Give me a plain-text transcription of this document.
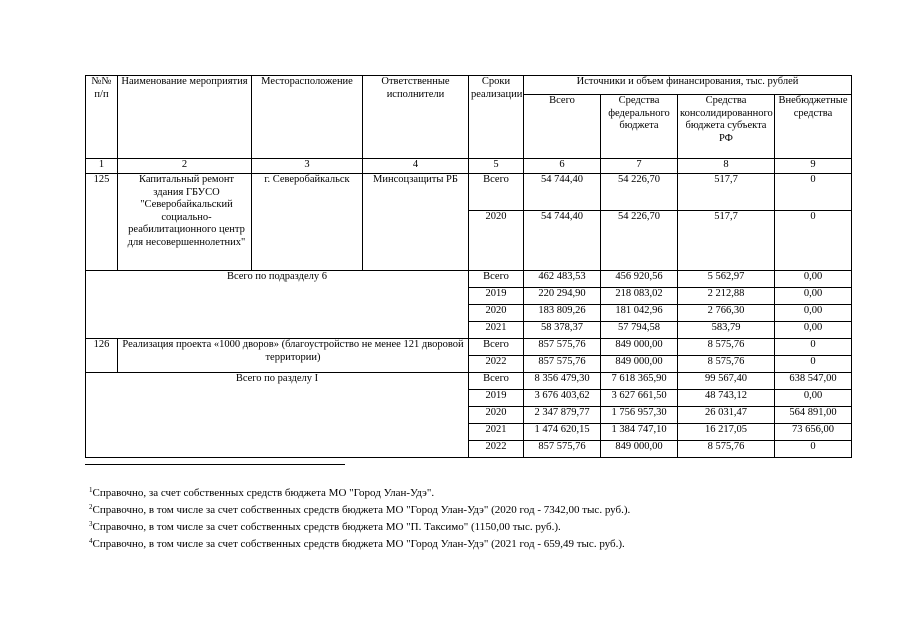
№№ п/п	Наименование мероприятия	Месторасположение	Ответственные исполнители	Сроки реализации	Источники и объем финансирования, тыс. рублей			
					Всего	Средства федерального бюджета	Средства консолидированного бюджета субъекта РФ	Внебюджетные средства
1	2	3	4	5	6	7	8	9
125	Капитальный ремонт здания ГБУСО "Северобайкальский социально-реабилитационного центр для несовершеннолетних"	г. Северобайкальск	Минсоцзащиты РБ	Всего	54 744,40	54 226,70	517,7	0
				2020	54 744,40	54 226,70	517,7	0
Всего по подразделу 6				Всего	462 483,53	456 920,56	5 562,97	0,00
				2019	220 294,90	218 083,02	2 212,88	0,00
				2020	183 809,26	181 042,96	2 766,30	0,00
				2021	58 378,37	57 794,58	583,79	0,00
126	Реализация проекта «1000 дворов» (благоустройство не менее 121 дворовой территории)			Всего	857 575,76	849 000,00	8 575,76	0
				2022	857 575,76	849 000,00	8 575,76	0
Всего по разделу I				Всего	8 356 479,30	7 618 365,90	99 567,40	638 547,00
				2019	3 676 403,62	3 627 661,50	48 743,12	0,00
				2020	2 347 879,77	1 756 957,30	26 031,47	564 891,00
				2021	1 474 620,15	1 384 747,10	16 217,05	73 656,00
				2022	857 575,76	849 000,00	8 575,76	0
$^1$Справочно, за счет собственных средств бюджета МО "Город Улан-Удэ".
$^2$Справочно, в том числе за счет собственных средств бюджета МО "Город Улан-Удэ" (2020 год - 7342,00 тыс. руб.).
$^3$Справочно, в том числе за счет собственных средств бюджета МО "П. Таксимо" (1150,00 тыс. руб.).
$^4$Справочно, в том числе за счет собственных средств бюджета МО "Город Улан-Удэ" (2021 год - 659,49 тыс. руб.).
